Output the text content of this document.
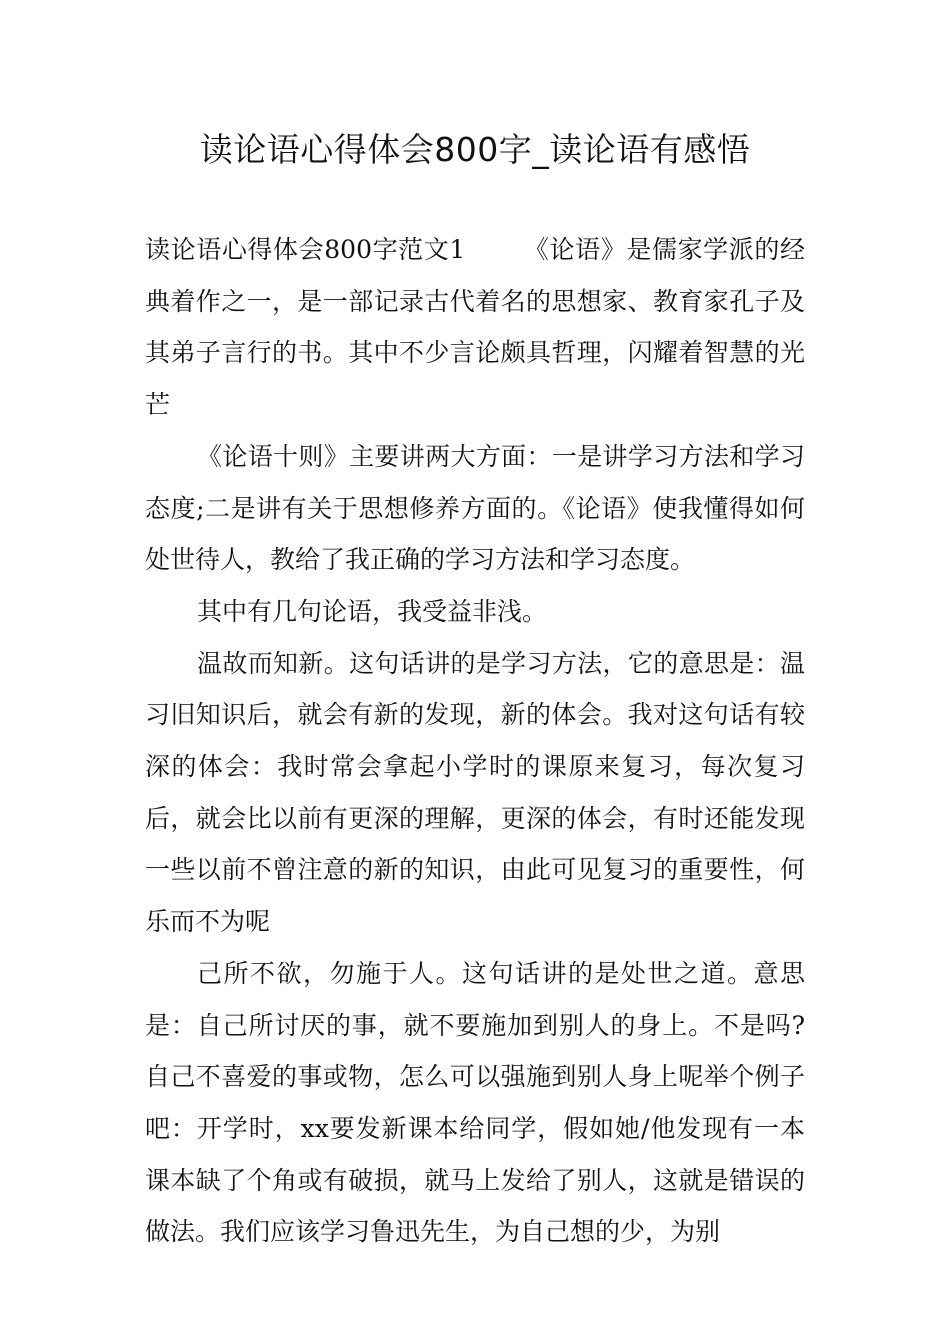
读论语心得体会800字_读论语有感悟

读论语心得体会800字范文1 《论语》是儒家学派的经典着作之一，是一部记录古代着名的思想家、教育家孔子及其弟子言行的书。其中不少言论颇具哲理，闪耀着智慧的光芒

《论语十则》主要讲两大方面：一是讲学习方法和学习态度;二是讲有关于思想修养方面的。《论语》使我懂得如何处世待人，教给了我正确的学习方法和学习态度。

其中有几句论语，我受益非浅。

温故而知新。这句话讲的是学习方法，它的意思是：温习旧知识后，就会有新的发现，新的体会。我对这句话有较深的体会：我时常会拿起小学时的课原来复习，每次复习后，就会比以前有更深的理解，更深的体会，有时还能发现一些以前不曾注意的新的知识，由此可见复习的重要性，何乐而不为呢

己所不欲，勿施于人。这句话讲的是处世之道。意思是：自己所讨厌的事，就不要施加到别人的身上。不是吗?自己不喜爱的事或物，怎么可以强施到别人身上呢举个例子吧：开学时，xx要发新课本给同学，假如她/他发现有一本课本缺了个角或有破损，就马上发给了别人，这就是错误的做法。我们应该学习鲁迅先生，为自己想的少，为别
